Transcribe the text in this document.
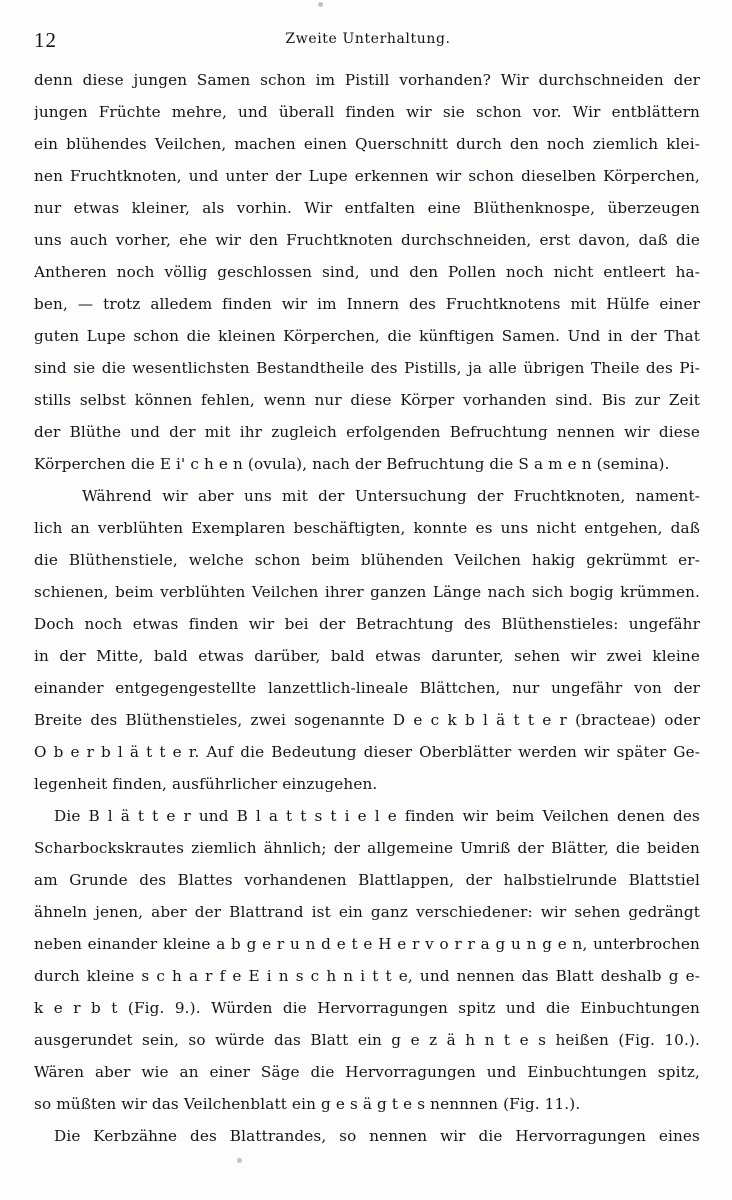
12	Zweite Unterhaltung.
denn diese jungen Samen schon im Pistill vorhanden? Wir durchschneiden der
jungen Früchte mehre, und überall finden wir sie schon vor. Wir entblättern
ein blühendes Veilchen, machen einen Querschnitt durch den noch ziemlich klei-
nen Fruchtknoten, und unter der Lupe erkennen wir schon dieselben Körperchen,
nur etwas kleiner, als vorhin. Wir entfalten eine Blüthenknospe, überzeugen
uns auch vorher, ehe wir den Fruchtknoten durchschneiden, erst davon, daß die
Antheren noch völlig geschlossen sind, und den Pollen noch nicht entleert ha-
ben, — trotz alledem finden wir im Innern des Fruchtknotens mit Hülfe einer
guten Lupe schon die kleinen Körperchen, die künftigen Samen. Und in der That
sind sie die wesentlichsten Bestandtheile des Pistills, ja alle übrigen Theile des Pi-
stills selbst können fehlen, wenn nur diese Körper vorhanden sind. Bis zur Zeit
der Blüthe und der mit ihr zugleich erfolgenden Befruchtung nennen wir diese
Körperchen die E i' c h e n (ovula), nach der Befruchtung die S a m e n (semina).
Während wir aber uns mit der Untersuchung der Fruchtknoten, nament-
lich an verblühten Exemplaren beschäftigten, konnte es uns nicht entgehen, daß
die Blüthenstiele, welche schon beim blühenden Veilchen hakig gekrümmt er-
schienen, beim verblühten Veilchen ihrer ganzen Länge nach sich bogig krümmen.
Doch noch etwas finden wir bei der Betrachtung des Blüthenstieles: ungefähr
in der Mitte, bald etwas darüber, bald etwas darunter, sehen wir zwei kleine
einander entgegengestellte lanzettlich-lineale Blättchen, nur ungefähr von der
Breite des Blüthenstieles, zwei sogenannte D e c k b l ä t t e r (bracteae) oder
O b e r b l ä t t e r. Auf die Bedeutung dieser Oberblätter werden wir später Ge-
legenheit finden, ausführlicher einzugehen.
Die B l ä t t e r und B l a t t s t i e l e finden wir beim Veilchen denen des
Scharbockskrautes ziemlich ähnlich; der allgemeine Umriß der Blätter, die beiden
am Grunde des Blattes vorhandenen Blattlappen, der halbstielrunde Blattstiel
ähneln jenen, aber der Blattrand ist ein ganz verschiedener: wir sehen gedrängt
neben einander kleine a b g e r u n d e t e H e r v o r r a g u n g e n, unterbrochen
durch kleine s c h a r f e E i n s c h n i t t e, und nennen das Blatt deshalb g e-
k e r b t (Fig. 9.). Würden die Hervorragungen spitz und die Einbuchtungen
ausgerundet sein, so würde das Blatt ein g e z ä h n t e s heißen (Fig. 10.).
Wären aber wie an einer Säge die Hervorragungen und Einbuchtungen spitz,
so müßten wir das Veilchenblatt ein g e s ä g t e s nennnen (Fig. 11.).
Die Kerbzähne des Blattrandes, so nennen wir die Hervorragungen eines
